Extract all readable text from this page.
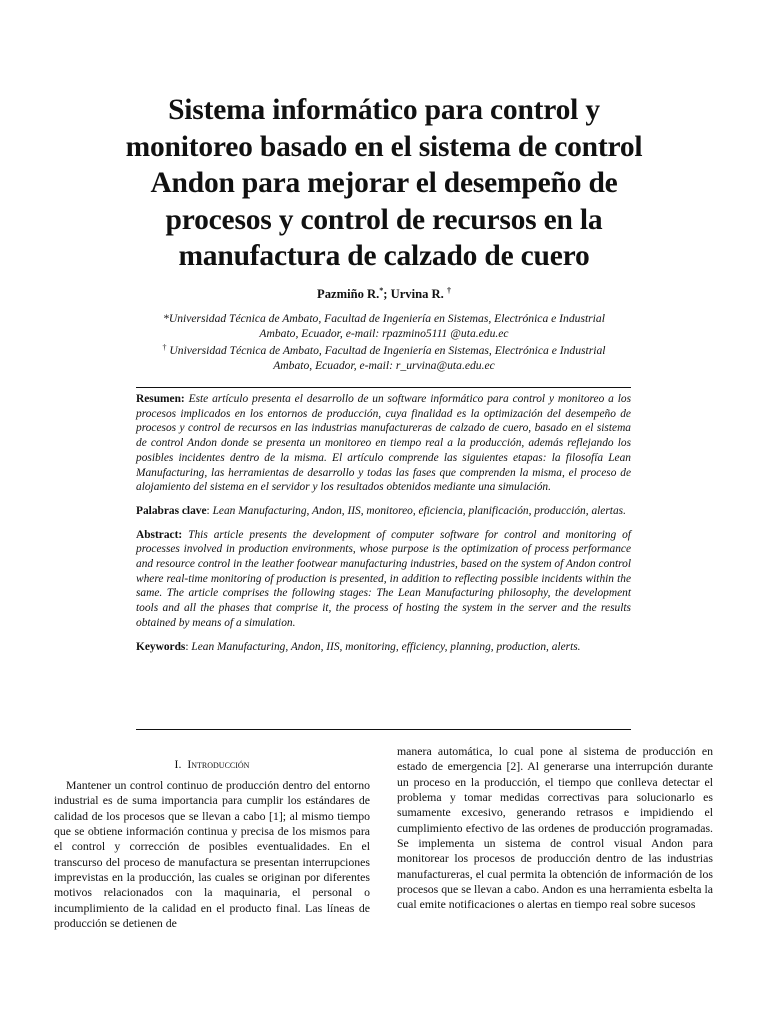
Sistema informático para control y
monitoreo basado en el sistema de control
Andon para mejorar el desempeño de
procesos y control de recursos en la
manufactura de calzado de cuero
Pazmiño R.*; Urvina R. †

*Universidad Técnica de Ambato, Facultad de Ingeniería en Sistemas, Electrónica e Industrial

Ambato, Ecuador, e-mail: rpazmino5111 @uta.edu.ec

† Universidad Técnica de Ambato, Facultad de Ingeniería en Sistemas, Electrónica e Industrial

Ambato, Ecuador, e-mail: r_urvina@uta.edu.ec

Resumen: Este artículo presenta el desarrollo de un software informático para control y monitoreo a los procesos implicados en los entornos de producción, cuya finalidad es la optimización del desempeño de procesos y control de recursos en las industrias manufactureras de calzado de cuero, basado en el sistema de control Andon donde se presenta un monitoreo en tiempo real a la producción, además reflejando los posibles incidentes dentro de la misma. El artículo comprende las siguientes etapas: la filosofía Lean Manufacturing, las herramientas de desarrollo y todas las fases que comprenden la misma, el proceso de alojamiento del sistema en el servidor y los resultados obtenidos mediante una simulación.

Palabras clave: Lean Manufacturing, Andon, IIS, monitoreo, eficiencia, planificación, producción, alertas.

Abstract: This article presents the development of computer software for control and monitoring of processes involved in production environments, whose purpose is the optimization of process performance and resource control in the leather footwear manufacturing industries, based on the system of Andon control where real-time monitoring of production is presented, in addition to reflecting possible incidents within the same. The article comprises the following stages: The Lean Manufacturing philosophy, the development tools and all the phases that comprise it, the process of hosting the system in the server and the results obtained by means of a simulation.

Keywords: Lean Manufacturing, Andon, IIS, monitoring, efficiency, planning, production, alerts.

I. Introducción

Mantener un control continuo de producción dentro del entorno industrial es de suma importancia para cumplir los estándares de calidad de los procesos que se llevan a cabo [1]; al mismo tiempo que se obtiene información continua y precisa de los mismos para el control y corrección de posibles eventualidades. En el transcurso del proceso de manufactura se presentan interrupciones imprevistas en la producción, las cuales se originan por diferentes motivos relacionados con la maquinaria, el personal o incumplimiento de la calidad en el producto final. Las líneas de producción se detienen de

manera automática, lo cual pone al sistema de producción en estado de emergencia [2]. Al generarse una interrupción durante un proceso en la producción, el tiempo que conlleva detectar el problema y tomar medidas correctivas para solucionarlo es sumamente excesivo, generando retrasos e impidiendo el cumplimiento efectivo de las ordenes de producción programadas. Se implementa un sistema de control visual Andon para monitorear los procesos de producción dentro de las industrias manufactureras, el cual permita la obtención de información de los procesos que se llevan a cabo. Andon es una herramienta esbelta la cual emite notificaciones o alertas en tiempo real sobre sucesos
